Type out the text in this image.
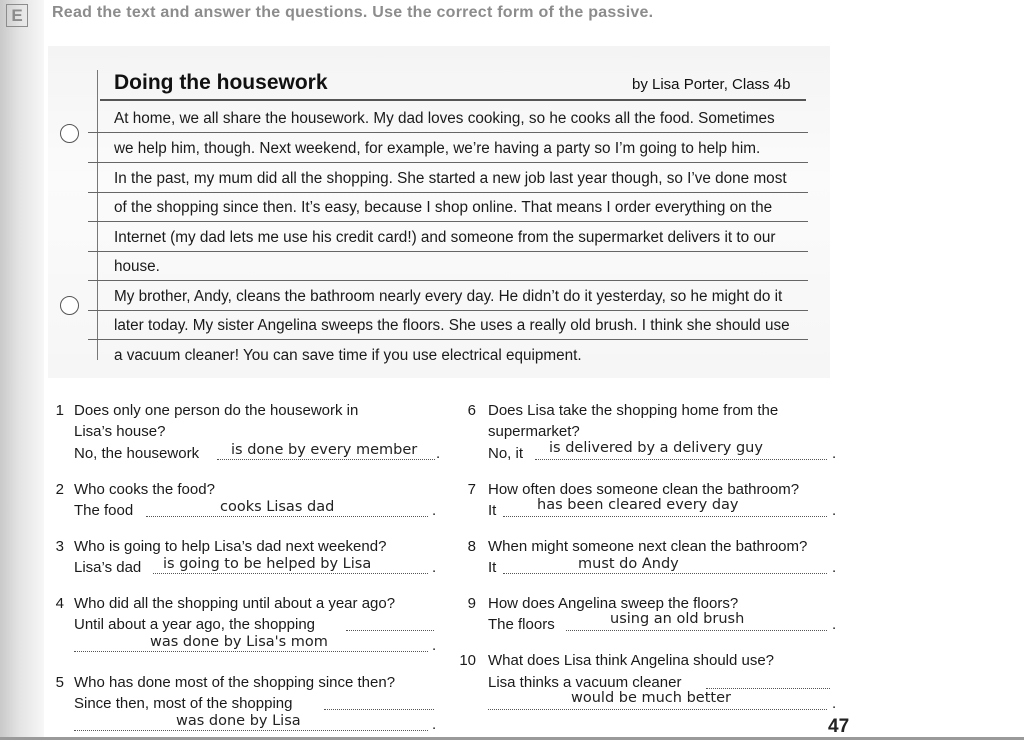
E	Read the text and answer the questions. Use the correct form of the passive.
Doing the housework	by Lisa Porter, Class 4b
At home, we all share the housework. My dad loves cooking, so he cooks all the food. Sometimes
we help him, though. Next weekend, for example, we’re having a party so I’m going to help him.
In the past, my mum did all the shopping. She started a new job last year though, so I’ve done most
of the shopping since then. It’s easy, because I shop online. That means I order everything on the
Internet (my dad lets me use his credit card!) and someone from the supermarket delivers it to our
house.
My brother, Andy, cleans the bathroom nearly every day. He didn’t do it yesterday, so he might do it
later today. My sister Angelina sweeps the floors. She uses a really old brush. I think she should use
a vacuum cleaner! You can save time if you use electrical equipment.
1 Does only one person do the housework in
Lisa’s house?
No, the housework is done by every member .
2 Who cooks the food?
The food	cooks Lisas dad	.
3 Who is going to help Lisa’s dad next weekend?
Lisa’s dad is going to be helped by Lisa	.
4 Who did all the shopping until about a year ago?
Until about a year ago, the shopping
was done by Lisa's mom	.
5 Who has done most of the shopping since then?
Since then, most of the shopping
was done by Lisa	.
6 Does Lisa take the shopping home from the
supermarket?
No, it is delivered by a delivery guy	.
7 How often does someone clean the bathroom?
It	has been cleared every day	.
8 When might someone next clean the bathroom?
It	must do Andy	.
9 How does Angelina sweep the floors?
The floors	using an old brush	.
10 What does Lisa think Angelina should use?
Lisa thinks a vacuum cleaner
would be much better	.
47
